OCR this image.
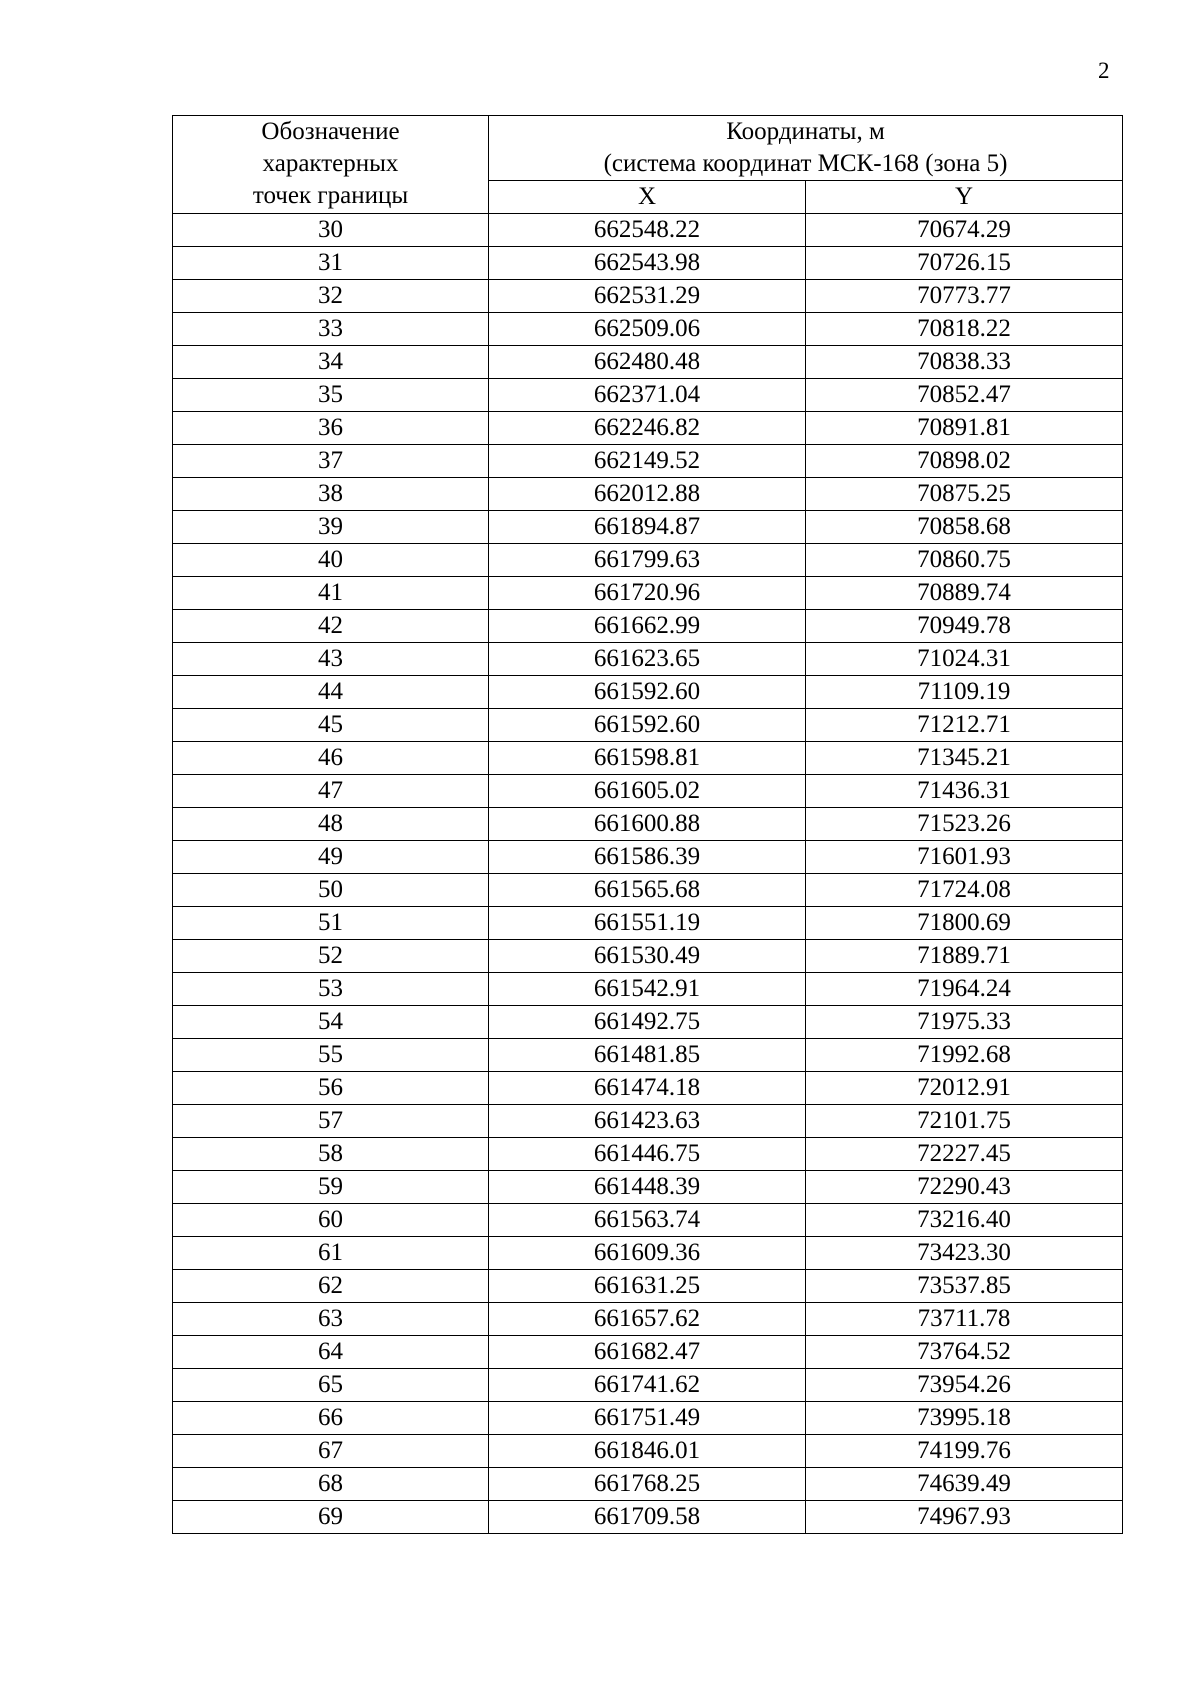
2
Обозначение
характерных
точек границы	Координаты, м
(система координат МСК-168 (зона 5)	

	X	Y
30	662548.22	70674.29
31	662543.98	70726.15
32	662531.29	70773.77
33	662509.06	70818.22
34	662480.48	70838.33
35	662371.04	70852.47
36	662246.82	70891.81
37	662149.52	70898.02
38	662012.88	70875.25
39	661894.87	70858.68
40	661799.63	70860.75
41	661720.96	70889.74
42	661662.99	70949.78
43	661623.65	71024.31
44	661592.60	71109.19
45	661592.60	71212.71
46	661598.81	71345.21
47	661605.02	71436.31
48	661600.88	71523.26
49	661586.39	71601.93
50	661565.68	71724.08
51	661551.19	71800.69
52	661530.49	71889.71
53	661542.91	71964.24
54	661492.75	71975.33
55	661481.85	71992.68
56	661474.18	72012.91
57	661423.63	72101.75
58	661446.75	72227.45
59	661448.39	72290.43
60	661563.74	73216.40
61	661609.36	73423.30
62	661631.25	73537.85
63	661657.62	73711.78
64	661682.47	73764.52
65	661741.62	73954.26
66	661751.49	73995.18
67	661846.01	74199.76
68	661768.25	74639.49
69	661709.58	74967.93
